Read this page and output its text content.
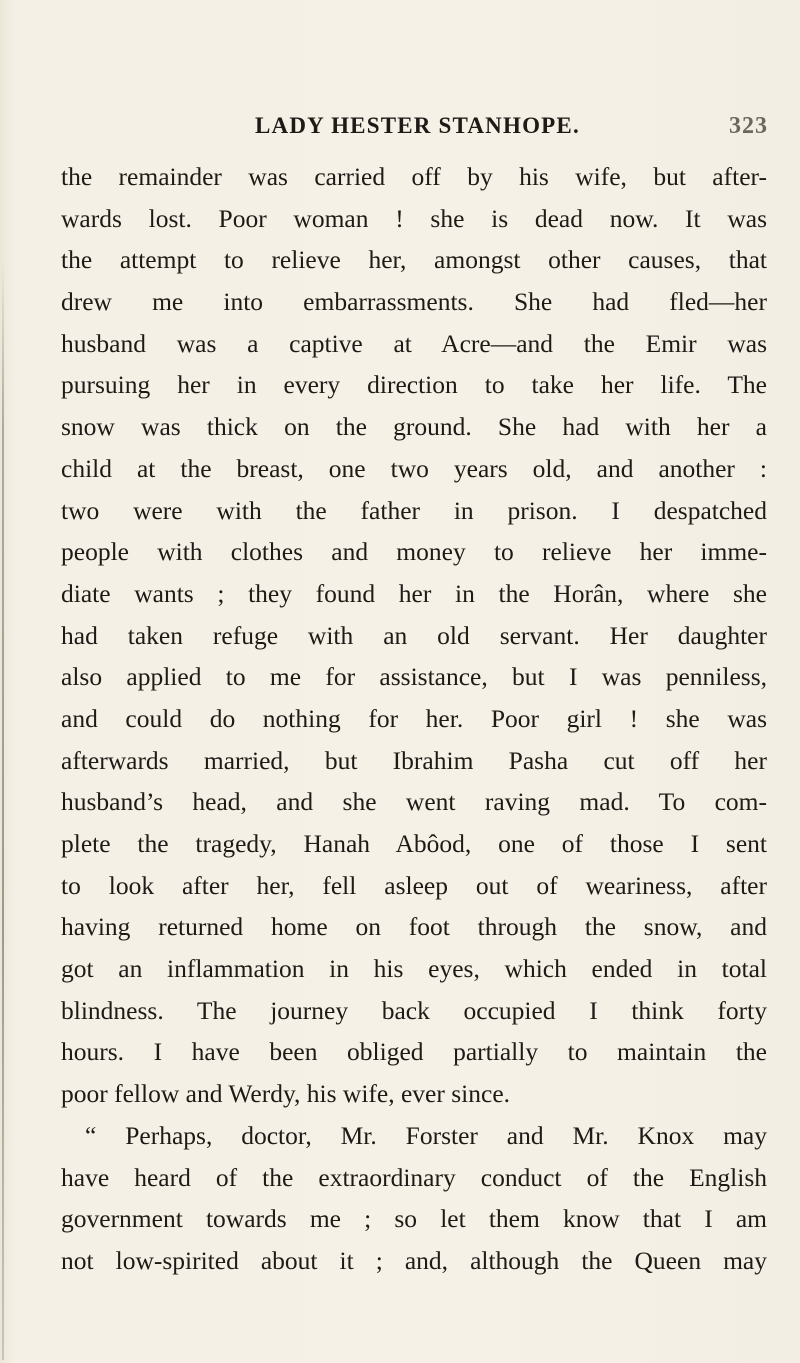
LADY HESTER STANHOPE.	323
the remainder was carried off by his wife, but after-
wards lost. Poor woman ! she is dead now. It was
the attempt to relieve her, amongst other causes, that
drew me into embarrassments. She had fled—her
husband was a captive at Acre—and the Emir was
pursuing her in every direction to take her life. The
snow was thick on the ground. She had with her a
child at the breast, one two years old, and another :
two were with the father in prison. I despatched
people with clothes and money to relieve her imme-
diate wants ; they found her in the Horân, where she
had taken refuge with an old servant. Her daughter
also applied to me for assistance, but I was penniless,
and could do nothing for her. Poor girl ! she was
afterwards married, but Ibrahim Pasha cut off her
husband’s head, and she went raving mad. To com-
plete the tragedy, Hanah Abôod, one of those I sent
to look after her, fell asleep out of weariness, after
having returned home on foot through the snow, and
got an inflammation in his eyes, which ended in total
blindness. The journey back occupied I think forty
hours. I have been obliged partially to maintain the
poor fellow and Werdy, his wife, ever since.
“ Perhaps, doctor, Mr. Forster and Mr. Knox may
have heard of the extraordinary conduct of the English
government towards me ; so let them know that I am
not low-spirited about it ; and, although the Queen may
